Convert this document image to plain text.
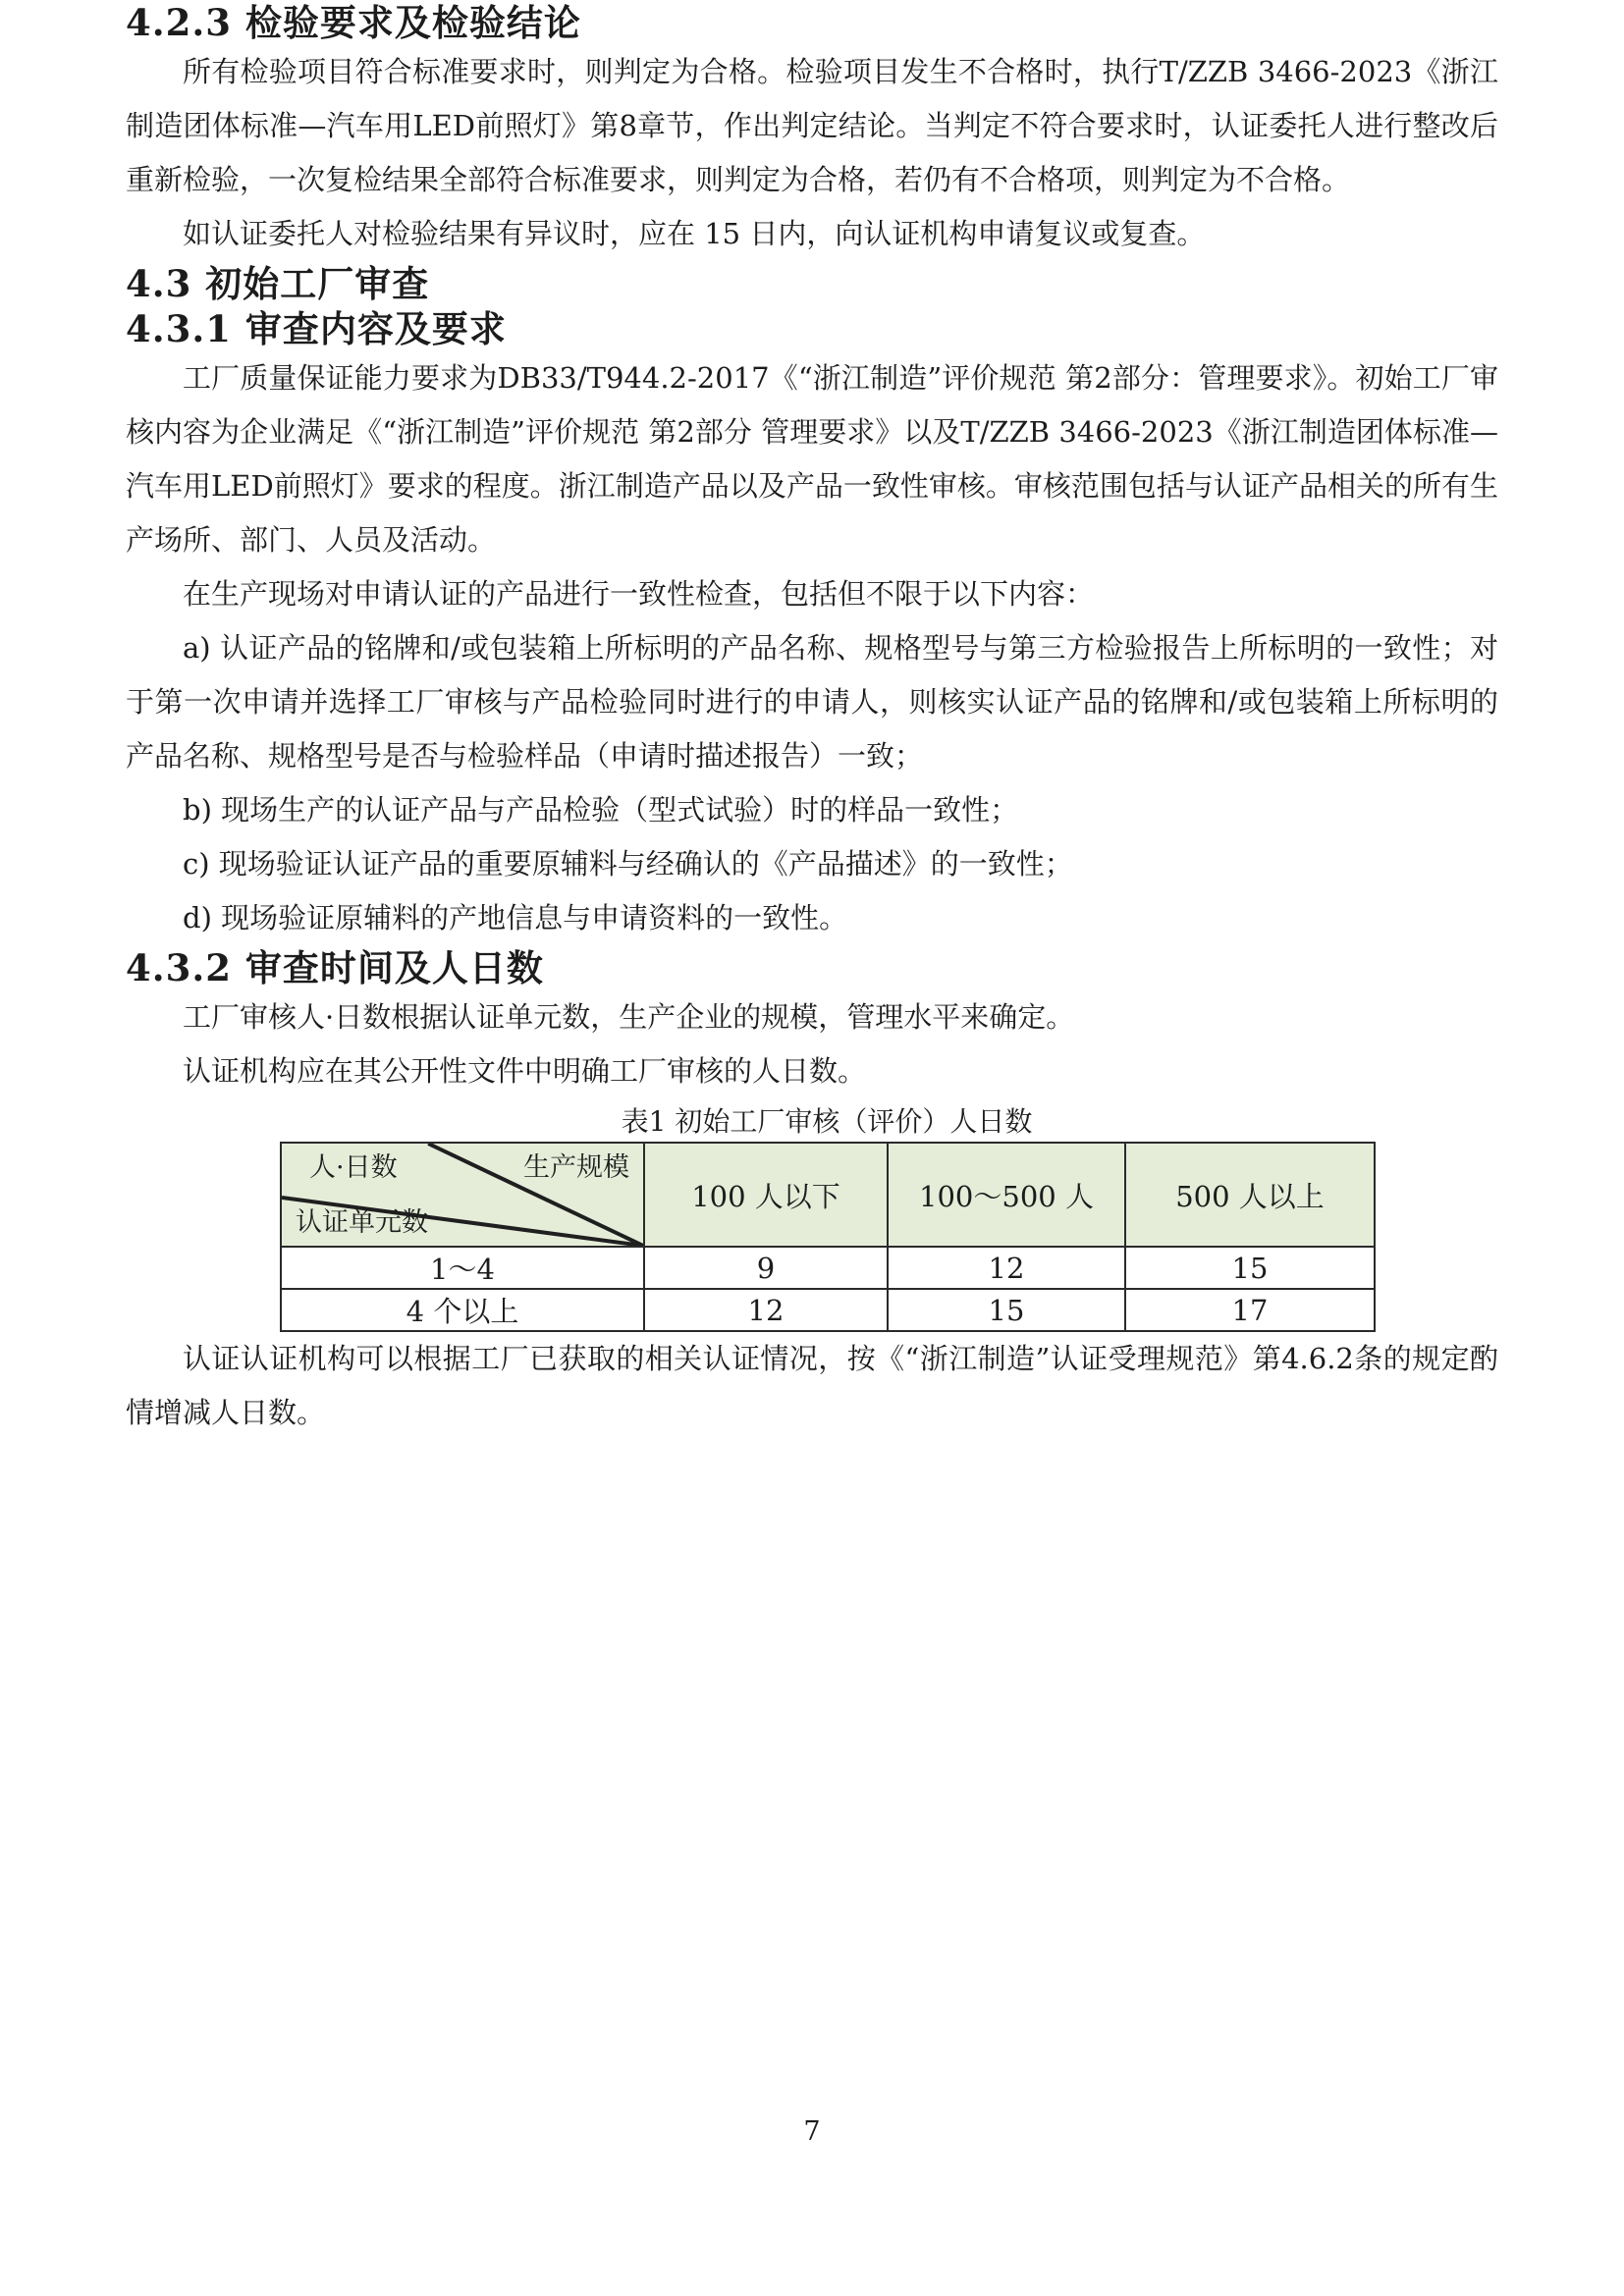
4.2.3 检验要求及检验结论

所有检验项目符合标准要求时，则判定为合格。检验项目发生不合格时，执行T/ZZB 3466-2023《浙江制造团体标准—汽车用LED前照灯》第8章节，作出判定结论。当判定不符合要求时，认证委托人进行整改后重新检验，一次复检结果全部符合标准要求，则判定为合格，若仍有不合格项，则判定为不合格。

如认证委托人对检验结果有异议时，应在 15 日内，向认证机构申请复议或复查。

4.3 初始工厂审查
4.3.1 审查内容及要求

工厂质量保证能力要求为DB33/T944.2-2017《“浙江制造”评价规范 第2部分：管理要求》。初始工厂审核内容为企业满足《“浙江制造”评价规范 第2部分 管理要求》以及T/ZZB 3466-2023《浙江制造团体标准—汽车用LED前照灯》要求的程度。浙江制造产品以及产品一致性审核。审核范围包括与认证产品相关的所有生产场所、部门、人员及活动。

在生产现场对申请认证的产品进行一致性检查，包括但不限于以下内容：

a) 认证产品的铭牌和/或包装箱上所标明的产品名称、规格型号与第三方检验报告上所标明的一致性；对于第一次申请并选择工厂审核与产品检验同时进行的申请人，则核实认证产品的铭牌和/或包装箱上所标明的产品名称、规格型号是否与检验样品（申请时描述报告）一致；

b) 现场生产的认证产品与产品检验（型式试验）时的样品一致性；

c) 现场验证认证产品的重要原辅料与经确认的《产品描述》的一致性；

d) 现场验证原辅料的产地信息与申请资料的一致性。

4.3.2 审查时间及人日数

工厂审核人·日数根据认证单元数，生产企业的规模，管理水平来确定。

认证机构应在其公开性文件中明确工厂审核的人日数。

表1 初始工厂审核（评价）人日数
人·日数 生产规模
认证单元数	100 人以下	100～500 人	500 人以上
1～4	9	12	15
4 个以上	12	15	17

认证认证机构可以根据工厂已获取的相关认证情况，按《“浙江制造”认证受理规范》第4.6.2条的规定酌情增减人日数。

7
